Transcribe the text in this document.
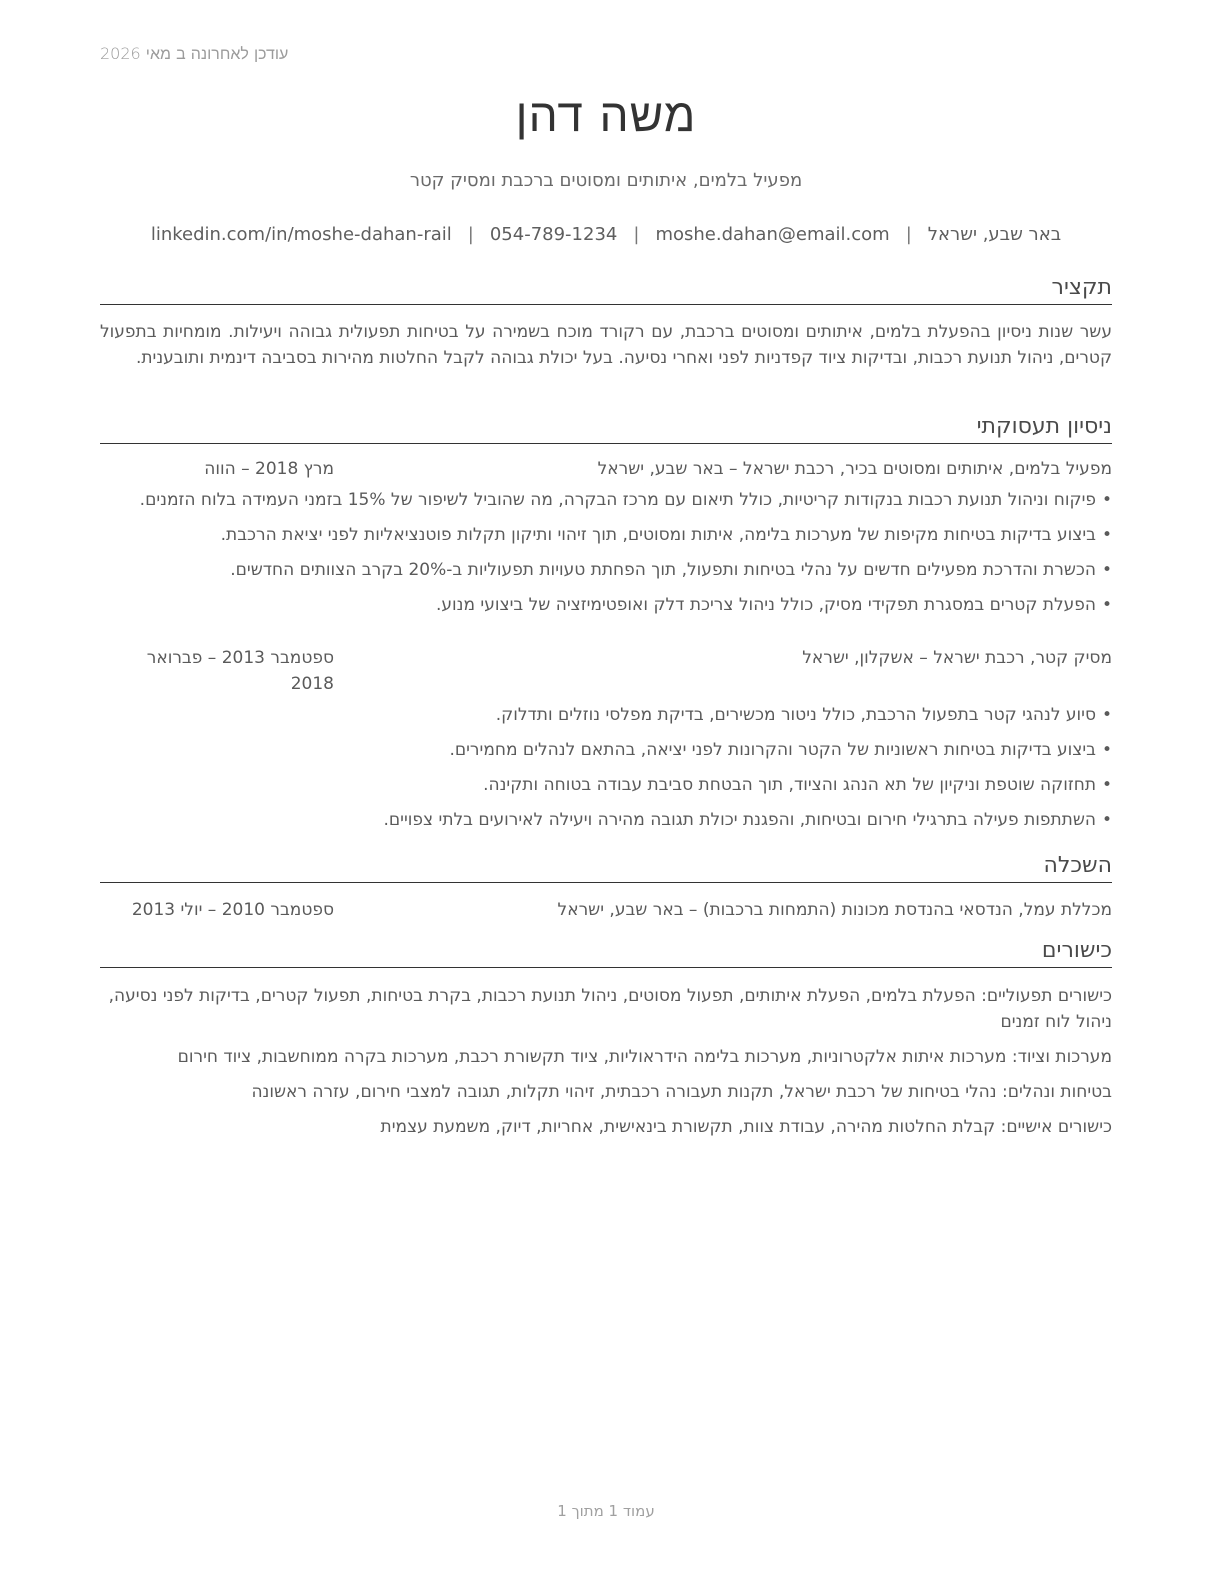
עודכן לאחרונה ב מאי 2026
משה דהן
מפעיל בלמים, איתותים ומסוטים ברכבת ומסיק קטר
באר שבע, ישראל
|
moshe.dahan@email.com
|
054-789-1234
|
linkedin.com/in/moshe-dahan-rail
תקציר
עשר שנות ניסיון בהפעלת בלמים, איתותים ומסוטים ברכבת, עם רקורד מוכח בשמירה על בטיחות תפעולית גבוהה ויעילות. מומחיות בתפעול קטרים, ניהול תנועת רכבות, ובדיקות ציוד קפדניות לפני ואחרי נסיעה. בעל יכולת גבוהה לקבל החלטות מהירות בסביבה דינמית ותובענית.
ניסיון תעסוקתי
מפעיל בלמים, איתותים ומסוטים בכיר, רכבת ישראל – באר שבע, ישראל
מרץ 2018 – הווה
•
פיקוח וניהול תנועת רכבות בנקודות קריטיות, כולל תיאום עם מרכז הבקרה, מה שהוביל לשיפור של 15% בזמני העמידה בלוח הזמנים.
•
ביצוע בדיקות בטיחות מקיפות של מערכות בלימה, איתות ומסוטים, תוך זיהוי ותיקון תקלות פוטנציאליות לפני יציאת הרכבת.
•
הכשרת והדרכת מפעילים חדשים על נהלי בטיחות ותפעול, תוך הפחתת טעויות תפעוליות ב-20% בקרב הצוותים החדשים.
•
הפעלת קטרים במסגרת תפקידי מסיק, כולל ניהול צריכת דלק ואופטימיזציה של ביצועי מנוע.
מסיק קטר, רכבת ישראל – אשקלון, ישראל
ספטמבר 2013 – פברואר 2018
•
סיוע לנהגי קטר בתפעול הרכבת, כולל ניטור מכשירים, בדיקת מפלסי נוזלים ותדלוק.
•
ביצוע בדיקות בטיחות ראשוניות של הקטר והקרונות לפני יציאה, בהתאם לנהלים מחמירים.
•
תחזוקה שוטפת וניקיון של תא הנהג והציוד, תוך הבטחת סביבת עבודה בטוחה ותקינה.
•
השתתפות פעילה בתרגילי חירום ובטיחות, והפגנת יכולת תגובה מהירה ויעילה לאירועים בלתי צפויים.
השכלה
מכללת עמל, הנדסאי בהנדסת מכונות (התמחות ברכבות) – באר שבע, ישראל
ספטמבר 2010 – יולי 2013
כישורים
כישורים תפעוליים: הפעלת בלמים, הפעלת איתותים, תפעול מסוטים, ניהול תנועת רכבות, בקרת בטיחות, תפעול קטרים, בדיקות לפני נסיעה, ניהול לוח זמנים
מערכות וציוד: מערכות איתות אלקטרוניות, מערכות בלימה הידראוליות, ציוד תקשורת רכבת, מערכות בקרה ממוחשבות, ציוד חירום
בטיחות ונהלים: נהלי בטיחות של רכבת ישראל, תקנות תעבורה רכבתית, זיהוי תקלות, תגובה למצבי חירום, עזרה ראשונה
כישורים אישיים: קבלת החלטות מהירה, עבודת צוות, תקשורת בינאישית, אחריות, דיוק, משמעת עצמית
עמוד 1 מתוך 1
